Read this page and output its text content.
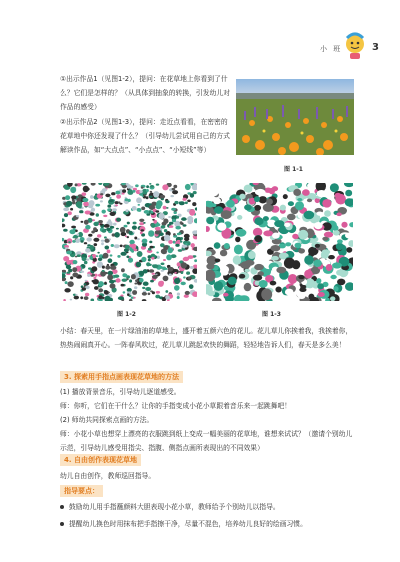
小 班	3
①出示作品1（见图1-2），提问：在花草地上你看到了什么？它们是怎样的？（从具体到抽象的转换，引发幼儿对作品的感受）
②出示作品2（见图1-3），提问：走近点看看，在密密的花草地中你还发现了什么？（引导幼儿尝试用自己的方式解读作品，如“大点点”、“小点点”、“小短线”等）
图 1-1
图 1-2	图 1-3
小结：春天里，在一片绿油油的草地上，盛开着五颜六色的花儿。花儿草儿你挨着我，我挨着你，热热闹闹真开心。一阵春风吹过，花儿草儿跳起欢快的舞蹈，轻轻地告诉人们，春天是多么美！
3. 探索用手指点画表现花草地的方法
(1) 播放背景音乐，引导幼儿逐道感受。
师：你听，它们在干什么？让你的手指变成小花小草跟着音乐来一起跳舞吧！
(2) 师幼共同探索点画的方法。
师：小花小草也想穿上漂亮的衣服跳到纸上变成一幅美丽的花草地，谁想来试试？（邀请个别幼儿示范，引导幼儿感受用指尖、指腹、侧指点画所表现出的不同效果）
4. 自由创作表现花草地
幼儿自由创作，教师巡回指导。
指导要点：
鼓励幼儿用手指蘸颜料大胆表现小花小草，教师给予个别幼儿以指导。
提醒幼儿换色时用抹布把手指擦干净，尽量不混色，培养幼儿良好的绘画习惯。
